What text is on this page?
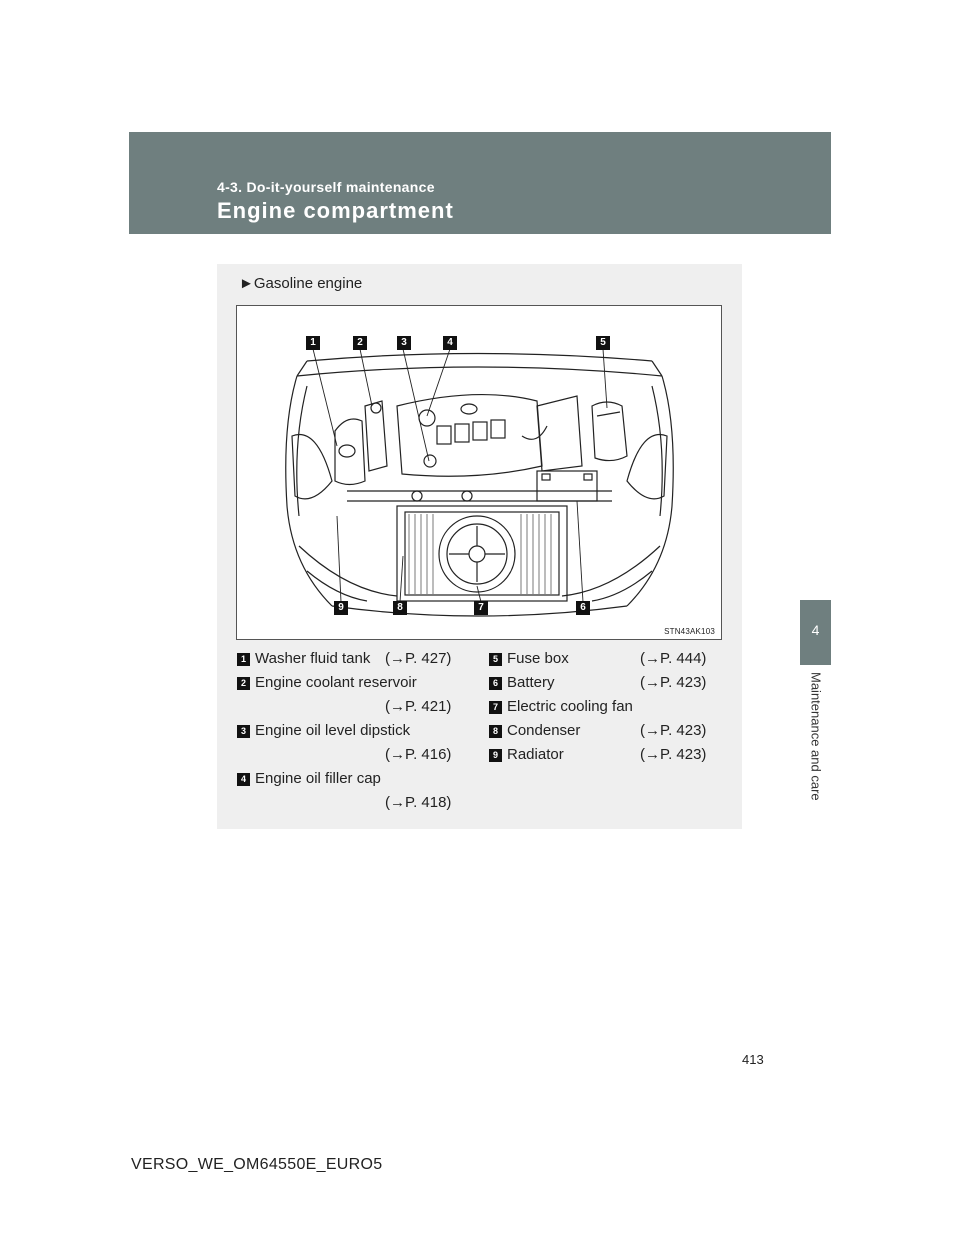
4-3. Do-it-yourself maintenance
Engine compartment
4
Maintenance and care
►Gasoline engine
1	2	3	4	5
6
7
8
9
STN43AK103
1 Washer fluid tank (→P. 427)
2 Engine coolant reservoir
(→P. 421)
3 Engine oil level dipstick
(→P. 416)
4 Engine oil filler cap
(→P. 418)
5 Fuse box	(→P. 444)
6 Battery	(→P. 423)
7 Electric cooling fan
8 Condenser	(→P. 423)
9 Radiator	(→P. 423)
413
VERSO_WE_OM64550E_EURO5
